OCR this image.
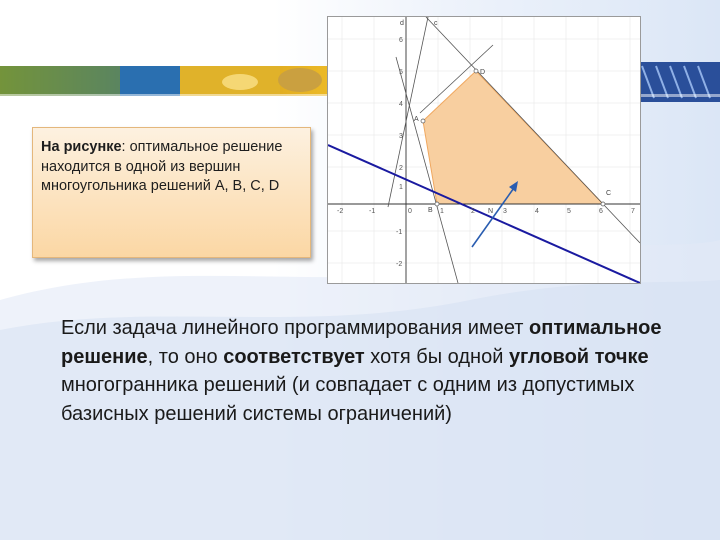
На рисунке: оптимальное решение находится в одной из вершин многоугольника решений A, B, C, D
A
D
C
B
c
d
N
-2	-1	0	1	2	3	4	5	6	7
6
5
4
3
2
1
-1
-2
Если задача линейного программирования имеет оптимальное решение, то оно соответствует хотя бы одной угловой точке многогранника решений (и совпадает с одним из допустимых базисных решений системы ограничений)
